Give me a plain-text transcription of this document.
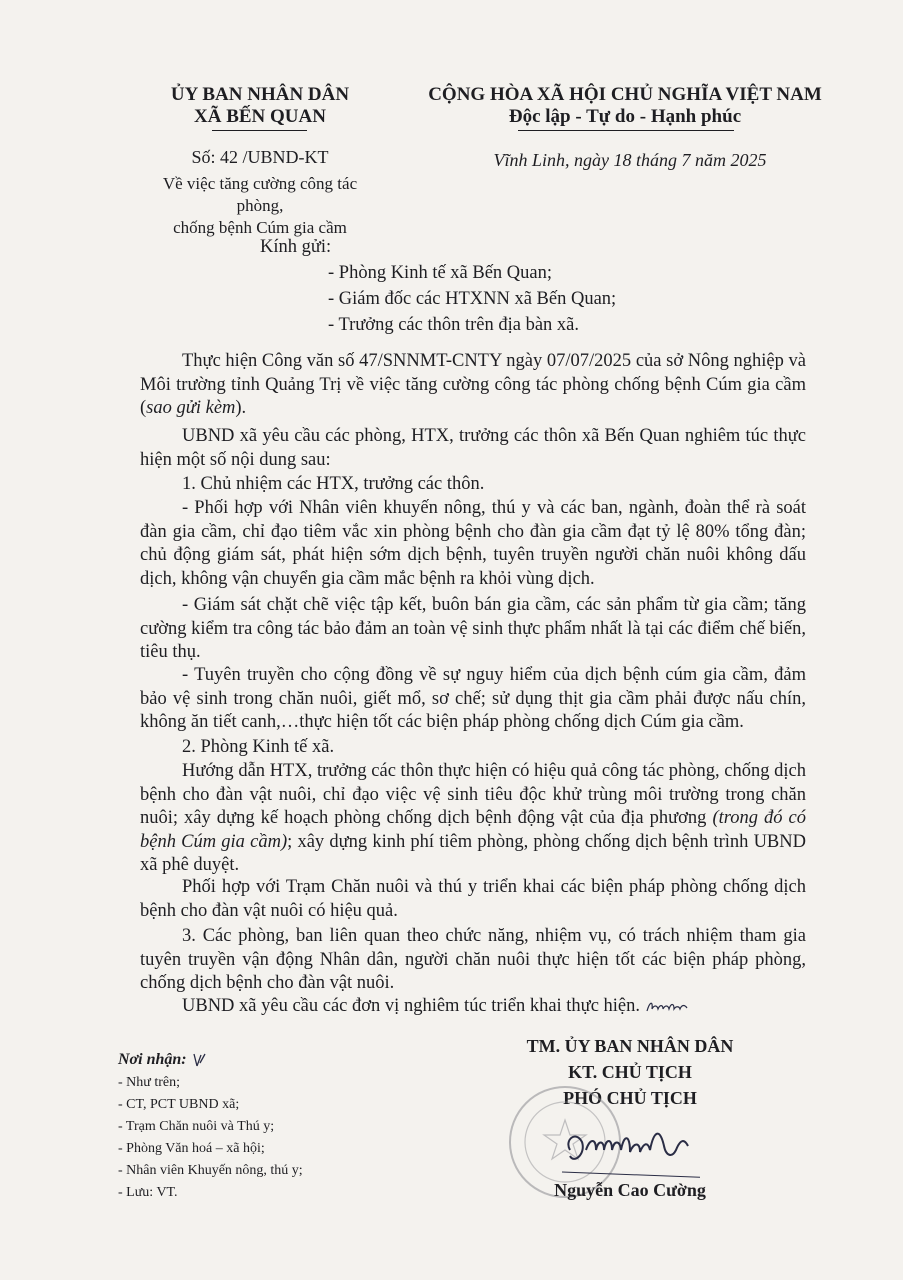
ỦY BAN NHÂN DÂN
XÃ BẾN QUAN
CỘNG HÒA XÃ HỘI CHỦ NGHĨA VIỆT NAM
Độc lập - Tự do - Hạnh phúc
Số: 42 /UBND-KT
Về việc tăng cường công tác phòng,
chống bệnh Cúm gia cầm
Vĩnh Linh, ngày 18 tháng 7 năm 2025
Kính gửi:
- Phòng Kinh tế xã Bến Quan;
- Giám đốc các HTXNN xã Bến Quan;
- Trưởng các thôn trên địa bàn xã.
Thực hiện Công văn số 47/SNNMT-CNTY ngày 07/07/2025 của sở Nông nghiệp và Môi trường tỉnh Quảng Trị về việc tăng cường công tác phòng chống bệnh Cúm gia cầm (sao gửi kèm).
UBND xã yêu cầu các phòng, HTX, trưởng các thôn xã Bến Quan nghiêm túc thực hiện một số nội dung sau:
1. Chủ nhiệm các HTX, trưởng các thôn.
- Phối hợp với Nhân viên khuyến nông, thú y và các ban, ngành, đoàn thể rà soát đàn gia cầm, chỉ đạo tiêm vắc xin phòng bệnh cho đàn gia cầm đạt tỷ lệ 80% tổng đàn; chủ động giám sát, phát hiện sớm dịch bệnh, tuyên truyền người chăn nuôi không dấu dịch, không vận chuyển gia cầm mắc bệnh ra khỏi vùng dịch.
- Giám sát chặt chẽ việc tập kết, buôn bán gia cầm, các sản phẩm từ gia cầm; tăng cường kiểm tra công tác bảo đảm an toàn vệ sinh thực phẩm nhất là tại các điểm chế biến, tiêu thụ.
- Tuyên truyền cho cộng đồng về sự nguy hiểm của dịch bệnh cúm gia cầm, đảm bảo vệ sinh trong chăn nuôi, giết mổ, sơ chế; sử dụng thịt gia cầm phải được nấu chín, không ăn tiết canh,…thực hiện tốt các biện pháp phòng chống dịch Cúm gia cầm.
2. Phòng Kinh tế xã.
Hướng dẫn HTX, trưởng các thôn thực hiện có hiệu quả công tác phòng, chống dịch bệnh cho đàn vật nuôi, chỉ đạo việc vệ sinh tiêu độc khử trùng môi trường trong chăn nuôi; xây dựng kế hoạch phòng chống dịch bệnh động vật của địa phương (trong đó có bệnh Cúm gia cầm); xây dựng kinh phí tiêm phòng, phòng chống dịch bệnh trình UBND xã phê duyệt.
Phối hợp với Trạm Chăn nuôi và thú y triển khai các biện pháp phòng chống dịch bệnh cho đàn vật nuôi có hiệu quả.
3. Các phòng, ban liên quan theo chức năng, nhiệm vụ, có trách nhiệm tham gia tuyên truyền vận động Nhân dân, người chăn nuôi thực hiện tốt các biện pháp phòng, chống dịch bệnh cho đàn vật nuôi.
UBND xã yêu cầu các đơn vị nghiêm túc triển khai thực hiện.
Nơi nhận:
- Như trên;
- CT, PCT UBND xã;
- Trạm Chăn nuôi và Thú y;
- Phòng Văn hoá – xã hội;
- Nhân viên Khuyến nông, thú y;
- Lưu: VT.
TM. ỦY BAN NHÂN DÂN
KT. CHỦ TỊCH
PHÓ CHỦ TỊCH
Nguyễn Cao Cường
